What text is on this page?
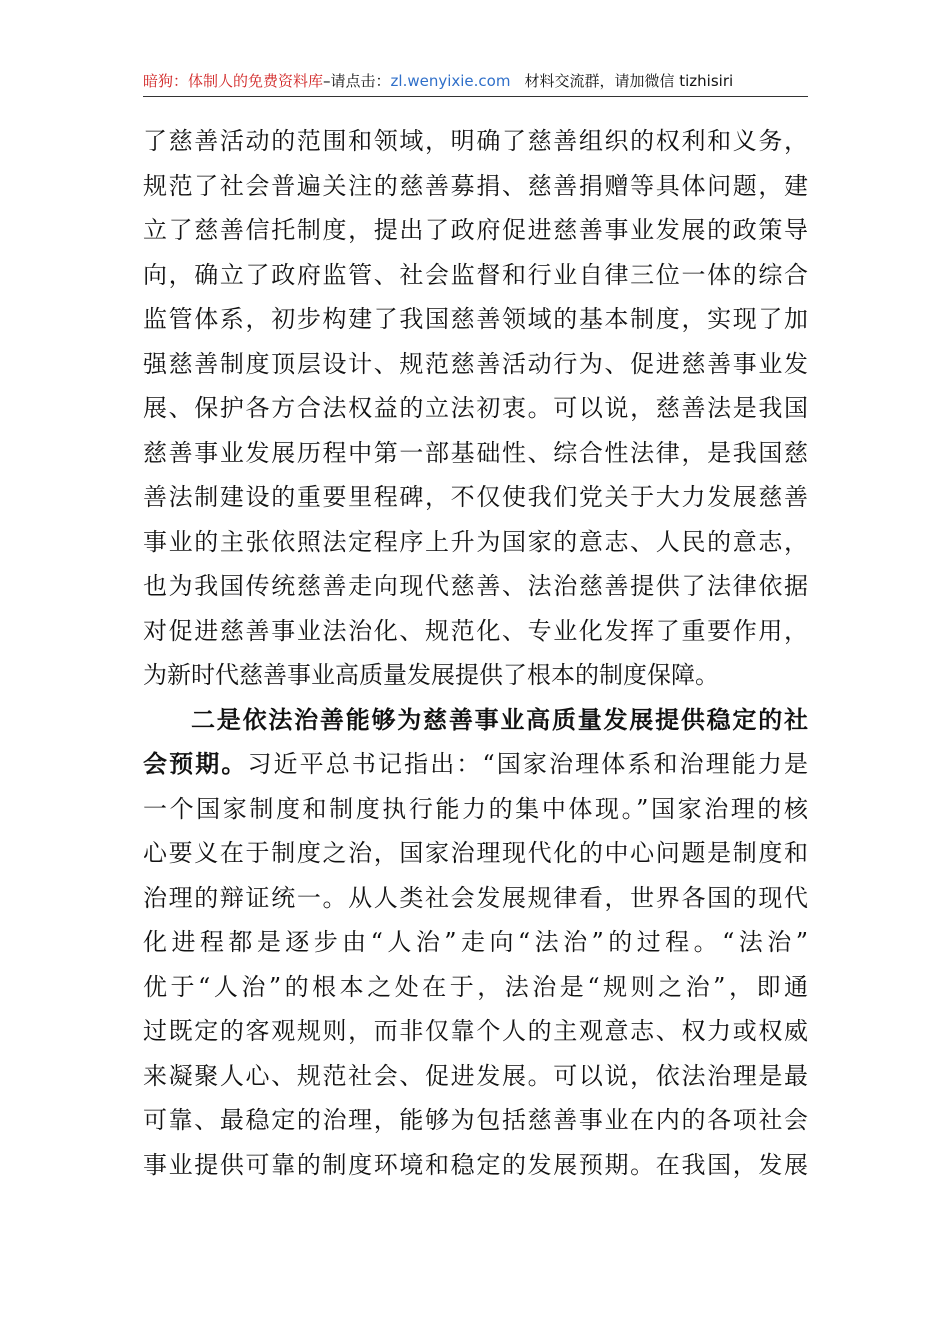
暗狗：体制人的免费资料库–请点击：zl.wenyixie.com 材料交流群，请加微信 tizhisiri
了慈善活动的范围和领域，明确了慈善组织的权利和义务，
规范了社会普遍关注的慈善募捐、慈善捐赠等具体问题，建
立了慈善信托制度，提出了政府促进慈善事业发展的政策导
向，确立了政府监管、社会监督和行业自律三位一体的综合
监管体系，初步构建了我国慈善领域的基本制度，实现了加
强慈善制度顶层设计、规范慈善活动行为、促进慈善事业发
展、保护各方合法权益的立法初衷。可以说，慈善法是我国
慈善事业发展历程中第一部基础性、综合性法律，是我国慈
善法制建设的重要里程碑，不仅使我们党关于大力发展慈善
事业的主张依照法定程序上升为国家的意志、人民的意志，
也为我国传统慈善走向现代慈善、法治慈善提供了法律依据
对促进慈善事业法治化、规范化、专业化发挥了重要作用，
为新时代慈善事业高质量发展提供了根本的制度保障。
二是依法治善能够为慈善事业高质量发展提供稳定的社
会预期。习近平总书记指出：“国家治理体系和治理能力是
一个国家制度和制度执行能力的集中体现。”国家治理的核
心要义在于制度之治，国家治理现代化的中心问题是制度和
治理的辩证统一。从人类社会发展规律看，世界各国的现代
化进程都是逐步由“人治”走向“法治”的过程。“法治”
优于“人治”的根本之处在于，法治是“规则之治”，即通
过既定的客观规则，而非仅靠个人的主观意志、权力或权威
来凝聚人心、规范社会、促进发展。可以说，依法治理是最
可靠、最稳定的治理，能够为包括慈善事业在内的各项社会
事业提供可靠的制度环境和稳定的发展预期。在我国，发展
